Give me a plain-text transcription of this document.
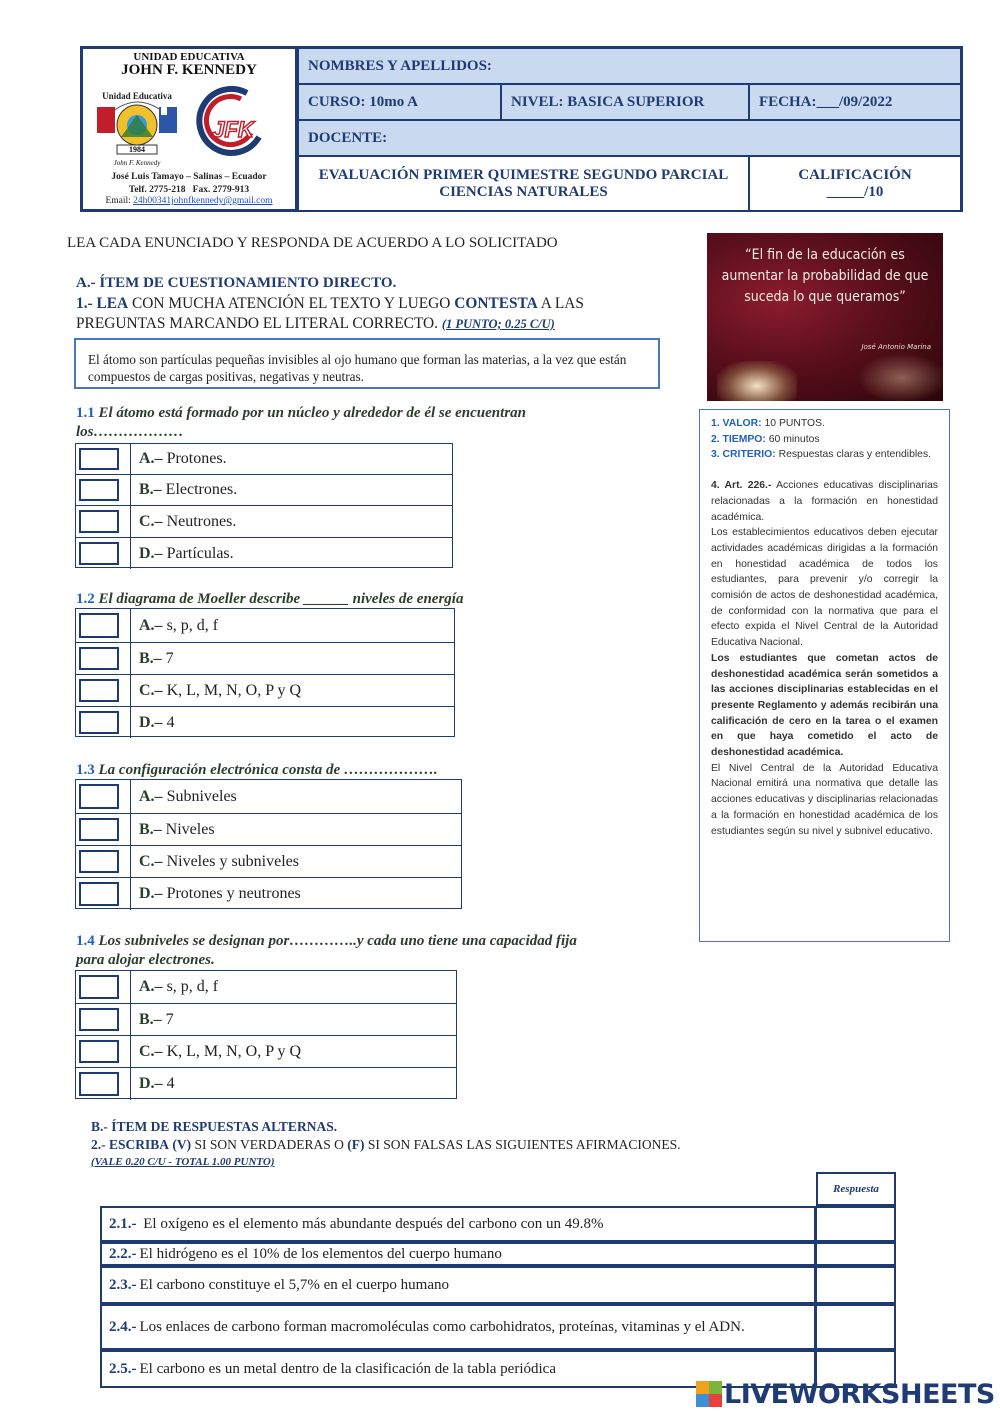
UNIDAD EDUCATIVA
JOHN F. KENNEDY
Unidad Educativa
1984
John F. Kennedy
JFK
José Luis Tamayo – Salinas – Ecuador
Telf. 2775-218   Fax. 2779-913
Email: 24h00341johnfkennedy@gmail.com
NOMBRES Y APELLIDOS:
CURSO: 10mo A	NIVEL: BASICA SUPERIOR	FECHA:___/09/2022
DOCENTE:
EVALUACIÓN PRIMER QUIMESTRE SEGUNDO PARCIAL
CIENCIAS NATURALES
CALIFICACIÓN
_____/10
LEA CADA ENUNCIADO Y RESPONDA DE ACUERDO A LO SOLICITADO
“El fin de la educación es aumentar la probabilidad de que suceda lo que queramos”
José Antonio Marina
A.- ÍTEM DE CUESTIONAMIENTO DIRECTO.
1.- LEA CON MUCHA ATENCIÓN EL TEXTO Y LUEGO CONTESTA A LAS
PREGUNTAS MARCANDO EL LITERAL CORRECTO. (1 PUNTO; 0.25 C/U)
El átomo son partículas pequeñas invisibles al ojo humano que forman las materias, a la vez que están compuestos de cargas positivas, negativas y neutras.
1.1 El átomo está formado por un núcleo y alrededor de él se encuentran
los………………
A.– Protones.
B.– Electrones.
C.– Neutrones.
D.– Partículas.
1.2 El diagrama de Moeller describe ______ niveles de energía
A.– s, p, d, f
B.– 7
C.– K, L, M, N, O, P y Q
D.– 4
1.3 La configuración electrónica consta de ……………….
A.– Subniveles
B.– Niveles
C.– Niveles y subniveles
D.– Protones y neutrones
1.4 Los subniveles se designan por…………..y cada uno tiene una capacidad fija
para alojar electrones.
A.– s, p, d, f
B.– 7
C.– K, L, M, N, O, P y Q
D.– 4

1. VALOR: 10 PUNTOS.

2. TIEMPO: 60 minutos

3. CRITERIO: Respuestas claras y entendibles.

4. Art. 226.- Acciones educativas disciplinarias relacionadas a la formación en honestidad académica.

Los establecimientos educativos deben ejecutar actividades académicas dirigidas a la formación en honestidad académica de todos los estudiantes, para prevenir y/o corregir la comisión de actos de deshonestidad académica, de conformidad con la normativa que para el efecto expida el Nivel Central de la Autoridad Educativa Nacional.

Los estudiantes que cometan actos de deshonestidad académica serán sometidos a las acciones disciplinarias establecidas en el presente Reglamento y además recibirán una calificación de cero en la tarea o el examen en que haya cometido el acto de deshonestidad académica.

El Nivel Central de la Autoridad Educativa Nacional emitirá una normativa que detalle las acciones educativas y disciplinarias relacionadas a la formación en honestidad académica de los estudiantes según su nivel y subnivel educativo.

B.- ÍTEM DE RESPUESTAS ALTERNAS.
2.- ESCRIBA (V) SI SON VERDADERAS O (F) SI SON FALSAS LAS SIGUIENTES AFIRMACIONES.
(VALE 0.20 C/U - TOTAL 1.00 PUNTO)
Respuesta
2.1.- El oxígeno es el elemento más abundante después del carbono con un 49.8%
2.2.- El hidrógeno es el 10% de los elementos del cuerpo humano
2.3.- El carbono constituye el 5,7% en el cuerpo humano
2.4.- Los enlaces de carbono forman macromoléculas como carbohidratos, proteínas, vitaminas y el ADN.
2.5.- El carbono es un metal dentro de la clasificación de la tabla periódica
LIVEWORKSHEETS
